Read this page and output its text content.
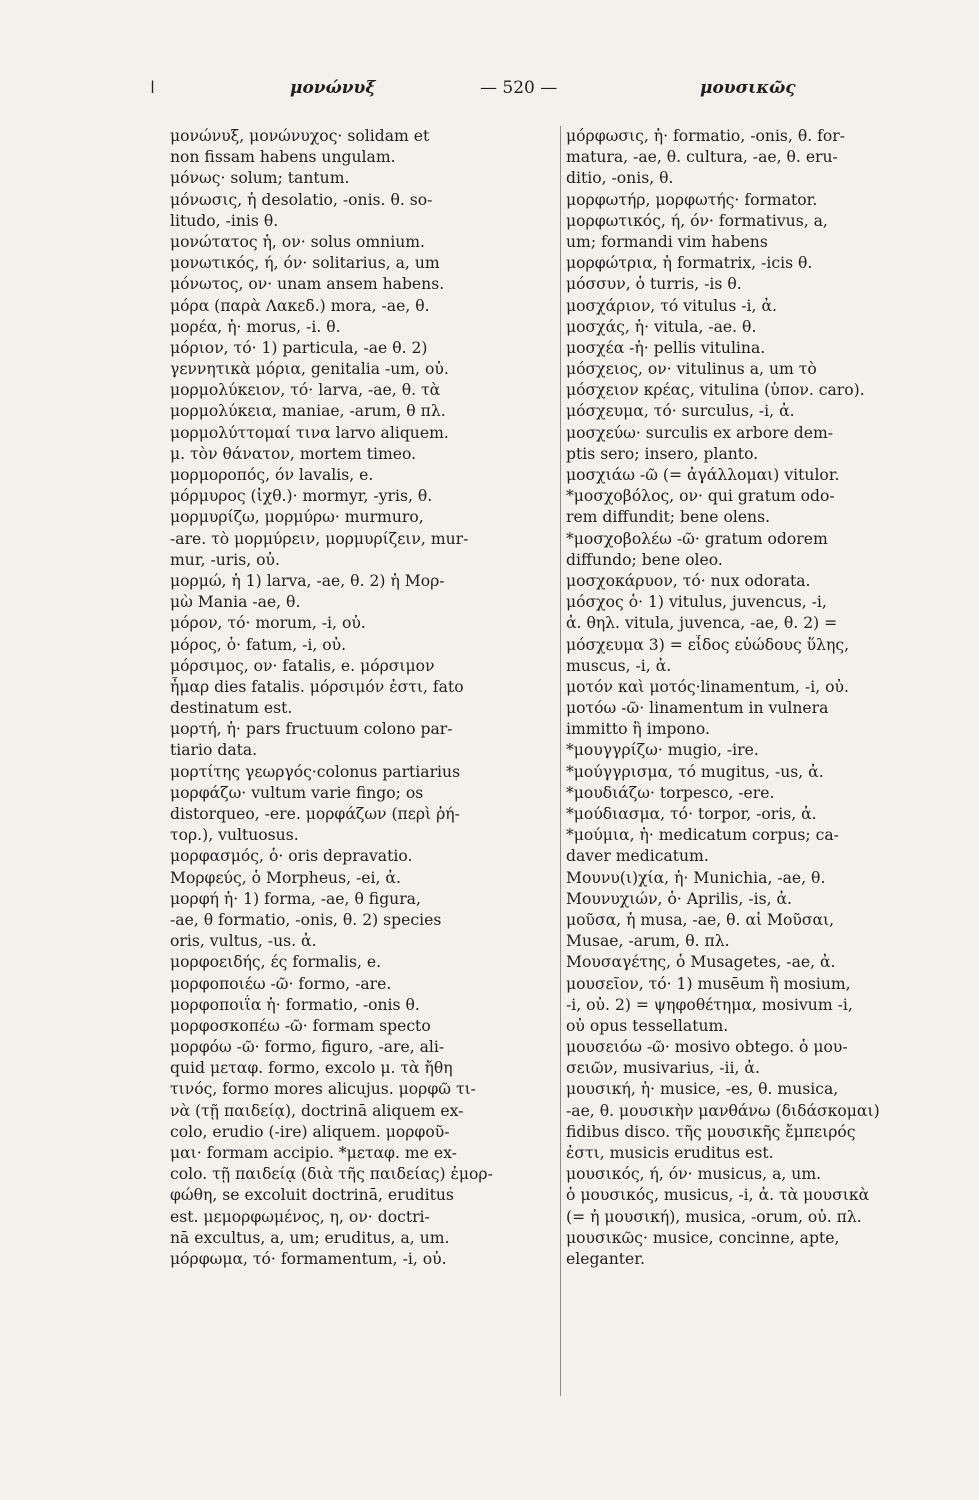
ǀ	μονώνυξ	— 520 —	μουσικῶς
μονώνυξ, μονώνυχος· solidam et
non fissam habens ungulam.
μόνως· solum; tantum.
μόνωσις, ἡ desolatio, -onis. θ. so-
litudo, -inis θ.
μονώτατος ἡ, ον· solus omnium.
μονωτικός, ή, όν· solitarius, a, um
μόνωτος, ον· unam ansem habens.
μόρα (παρὰ Λακεδ.) mora, -ae, θ.
μορέα, ἡ· morus, -i. θ.
μόριον, τό· 1) particula, -ae θ. 2)
γεννητικὰ μόρια, genitalia -um, οὐ.
μορμολύκειον, τό· larva, -ae, θ. τὰ
μορμολύκεια, maniae, -arum, θ πλ.
μορμολύττομαί τινα larvo aliquem.
μ. τὸν θάνατον, mortem timeo.
μορμοροπός, όν lavalis, e.
μόρμυρος (ἰχθ.)· mormyr, -yris, θ.
μορμυρίζω, μορμύρω· murmuro,
-are. τὸ μορμύρειν, μορμυρίζειν, mur-
mur, -uris, οὐ.
μορμώ, ἡ 1) larva, -ae, θ. 2) ἡ Μορ-
μὼ Mania -ae, θ.
μόρον, τό· morum, -i, οὐ.
μόρος, ὁ· fatum, -i, οὐ.
μόρσιμος, ον· fatalis, e. μόρσιμον
ἦμαρ dies fatalis. μόρσιμόν ἐστι, fato
destinatum est.
μορτή, ἡ· pars fructuum colono par-
tiario data.
μορτίτης γεωργός·colonus partiarius
μορφάζω· vultum varie fingo; os
distorqueo, -ere. μορφάζων (περὶ ῥή-
τορ.), vultuosus.
μορφασμός, ὁ· oris depravatio.
Μορφεύς, ὁ Morpheus, -ei, ἀ.
μορφή ἡ· 1) forma, -ae, θ figura,
-ae, θ formatio, -onis, θ. 2) species
oris, vultus, -us. ἀ.
μορφοειδής, ές formalis, e.
μορφοποιέω -ῶ· formo, -are.
μορφοποιΐα ἡ· formatio, -onis θ.
μορφοσκοπέω -ῶ· formam specto
μορφόω -ῶ· formo, figuro, -are, ali-
quid μεταφ. formo, excolo μ. τὰ ἤθη
τινός, formo mores alicujus. μορφῶ τι-
νὰ (τῇ παιδείᾳ), doctrinā aliquem ex-
colo, erudio (-ire) aliquem. μορφοῦ-
μαι· formam accipio. *μεταφ. me ex-
colo. τῇ παιδείᾳ (διὰ τῆς παιδείας) ἐμορ-
φώθη, se excoluit doctrinā, eruditus
est. μεμορφωμένος, η, ον· doctri-
nā excultus, a, um; eruditus, a, um.
μόρφωμα, τό· formamentum, -i, οὐ.
μόρφωσις, ἡ· formatio, -onis, θ. for-
matura, -ae, θ. cultura, -ae, θ. eru-
ditio, -onis, θ.
μορφωτήρ, μορφωτής· formator.
μορφωτικός, ή, όν· formativus, a,
um; formandi vim habens
μορφώτρια, ἡ formatrix, -icis θ.
μόσσυν, ὁ turris, -is θ.
μοσχάριον, τό vitulus -i, ἀ.
μοσχάς, ἡ· vitula, -ae. θ.
μοσχέα -ἡ· pellis vitulina.
μόσχειος, ον· vitulinus a, um τὸ
μόσχειον κρέας, vitulina (ὑπον. caro).
μόσχευμα, τό· surculus, -i, ἀ.
μοσχεύω· surculis ex arbore dem-
ptis sero; insero, planto.
μοσχιάω -ῶ (= ἀγάλλομαι) vitulor.
*μοσχοβόλος, ον· qui gratum odo-
rem diffundit; bene olens.
*μοσχοβολέω -ῶ· gratum odorem
diffundo; bene oleo.
μοσχοκάρυον, τό· nux odorata.
μόσχος ὁ· 1) vitulus, juvencus, -i,
ἀ. θηλ. vitula, juvenca, -ae, θ. 2) =
μόσχευμα 3) = εἶδος εὐώδους ὕλης,
muscus, -i, ἀ.
μοτόν καὶ μοτός·linamentum, -i, οὐ.
μοτόω -ῶ· linamentum in vulnera
immitto ἢ impono.
*μουγγρίζω· mugio, -ire.
*μούγγρισμα, τό mugitus, -us, ἀ.
*μουδιάζω· torpesco, -ere.
*μούδιασμα, τό· torpor, -oris, ἀ.
*μούμια, ἡ· medicatum corpus; ca-
daver medicatum.
Μουνυ(ι)χία, ἡ· Munichia, -ae, θ.
Μουνυχιών, ὁ· Aprilis, -is, ἀ.
μοῦσα, ἡ musa, -ae, θ. αἱ Μοῦσαι,
Musae, -arum, θ. πλ.
Μουσαγέτης, ὁ Musagetes, -ae, ἀ.
μουσεῖον, τό· 1) musēum ἢ mosium,
-i, οὐ. 2) = ψηφοθέτημα, mosivum -i,
οὐ opus tessellatum.
μουσειόω -ῶ· mosivo obtego. ὁ μου-
σειῶν, musivarius, -ii, ἀ.
μουσική, ἡ· musice, -es, θ. musica,
-ae, θ. μουσικὴν μανθάνω (διδάσκομαι)
fidibus disco. τῆς μουσικῆς ἔμπειρός
ἐστι, musicis eruditus est.
μουσικός, ή, όν· musicus, a, um.
ὁ μουσικός, musicus, -i, ἀ. τὰ μουσικὰ
(= ἡ μουσική), musica, -orum, οὐ. πλ.
μουσικῶς· musice, concinne, apte,
eleganter.
